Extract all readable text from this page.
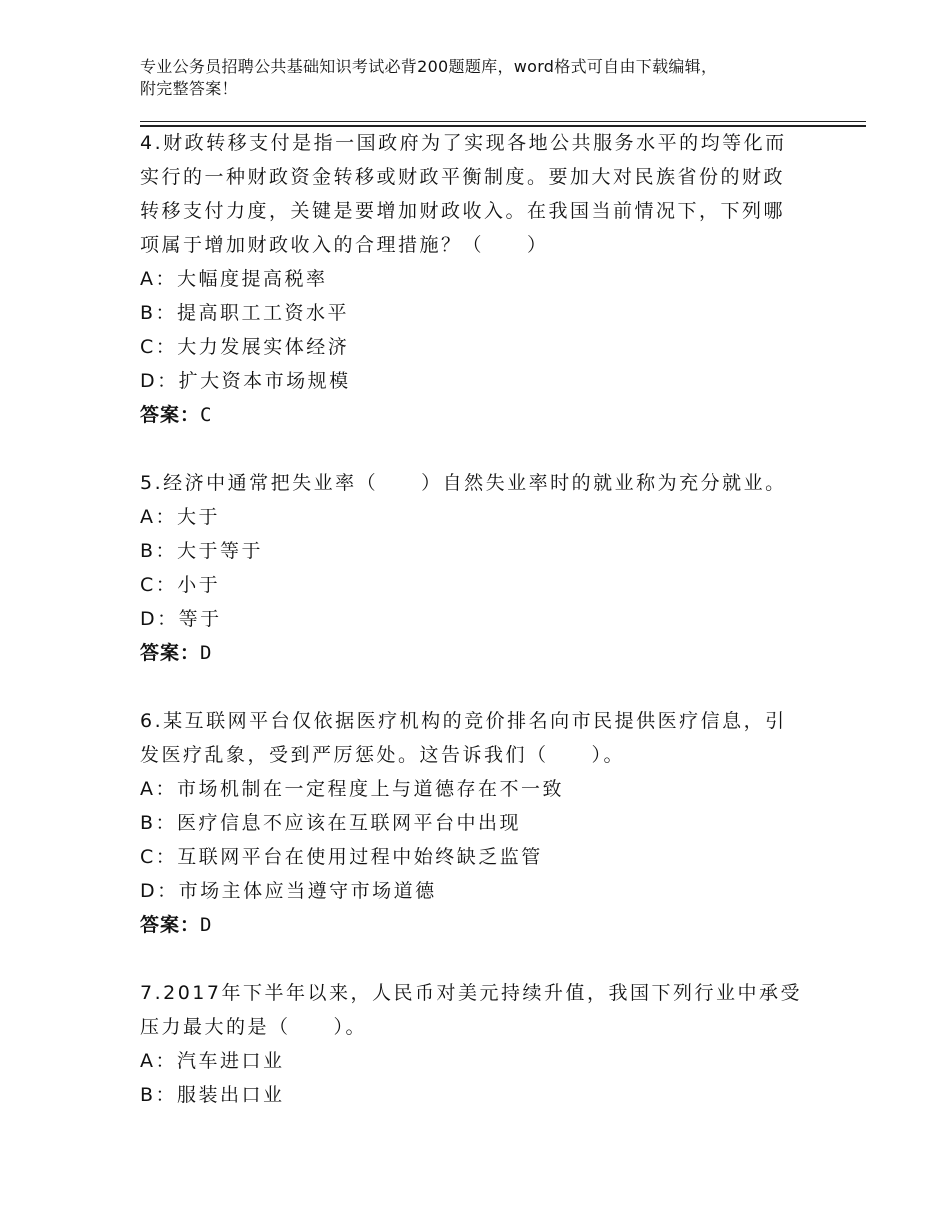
专业公务员招聘公共基础知识考试必背200题题库，word格式可自由下载编辑，
附完整答案！

4.财政转移支付是指一国政府为了实现各地公共服务水平的均等化而

实行的一种财政资金转移或财政平衡制度。要加大对民族省份的财政

转移支付力度，关键是要增加财政收入。在我国当前情况下，下列哪

项属于增加财政收入的合理措施？（　　）

A：大幅度提高税率

B：提高职工工资水平

C：大力发展实体经济

D：扩大资本市场规模

答案：C

5.经济中通常把失业率（　　）自然失业率时的就业称为充分就业。

A：大于

B：大于等于

C：小于

D：等于

答案：D

6.某互联网平台仅依据医疗机构的竞价排名向市民提供医疗信息，引

发医疗乱象，受到严厉惩处。这告诉我们（　　）。

A：市场机制在一定程度上与道德存在不一致

B：医疗信息不应该在互联网平台中出现

C：互联网平台在使用过程中始终缺乏监管

D：市场主体应当遵守市场道德

答案：D

7.2017年下半年以来，人民币对美元持续升值，我国下列行业中承受

压力最大的是（　　）。

A：汽车进口业

B：服装出口业
